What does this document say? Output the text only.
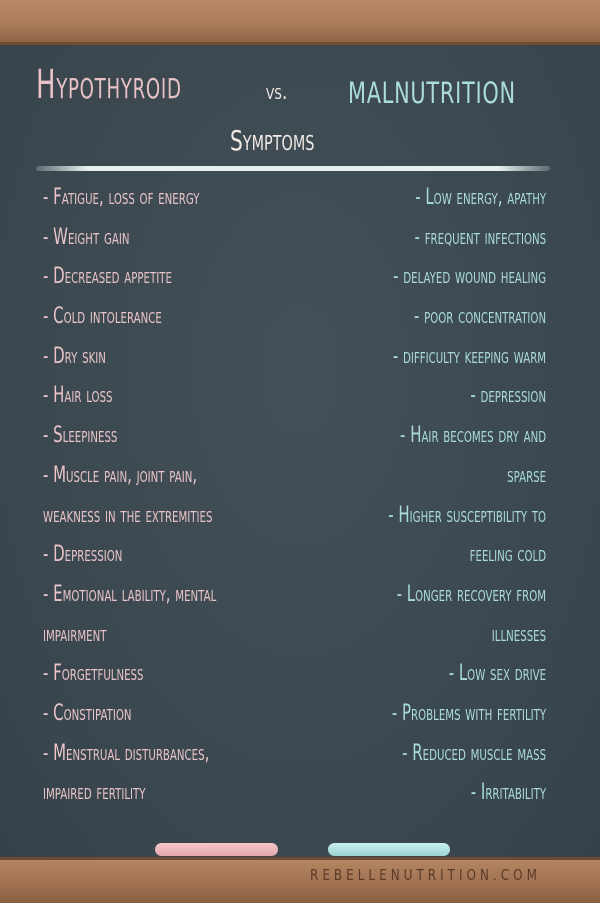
Hypothyroid	vs. malnutrition
Symptoms
- Fatigue, loss of energy
- Weight gain
- Decreased appetite
- Cold intolerance
- Dry skin
- Hair loss
- Sleepiness
- Muscle pain, joint pain,
weakness in the extremities
- Depression
- Emotional lability, mental
impairment
- Forgetfulness
- Constipation
- Menstrual disturbances,
impaired fertility
- Low energy, apathy
- frequent infections
- delayed wound healing
- poor concentration
- difficulty keeping warm
- depression
- Hair becomes dry and
sparse
- Higher susceptibility to
feeling cold
- Longer recovery from
illnesses
- Low sex drive
- Problems with fertility
- Reduced muscle mass
- Irritability
REBELLENUTRITION.COM
